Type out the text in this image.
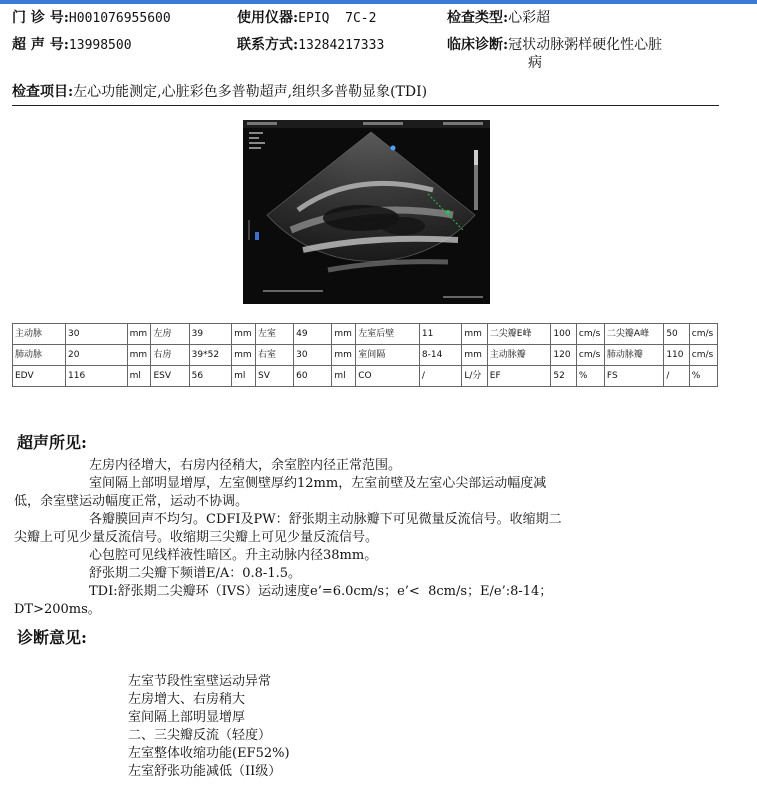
门 诊 号:H001076955600	使用仪器:EPIQ  7C-2	检查类型:心彩超
超 声 号:13998500	联系方式:13284217333	临床诊断:冠状动脉粥样硬化性心脏
病
检查项目:左心功能测定,心脏彩色多普勒超声,组织多普勒显象(TDI)
主动脉	30	mm	左房	39	mm	左室	49	mm	左室后壁	11	mm	二尖瓣E峰	100	cm/s	二尖瓣A峰	50	cm/s
肺动脉	20	mm	右房	39*52	mm	右室	30	mm	室间隔	8-14	mm	主动脉瓣	120	cm/s	肺动脉瓣	110	cm/s
EDV	116	ml	ESV	56	ml	SV	60	ml	CO	/	L/分	EF	52	%	FS	/	%
超声所见:
左房内径增大，右房内径稍大，余室腔内径正常范围。
室间隔上部明显增厚，左室侧壁厚约12mm，左室前壁及左室心尖部运动幅度减
低，余室壁运动幅度正常，运动不协调。
各瓣膜回声不均匀。CDFI及PW：舒张期主动脉瓣下可见微量反流信号。收缩期二
尖瓣上可见少量反流信号。收缩期三尖瓣上可见少量反流信号。
心包腔可见线样液性暗区。升主动脉内径38mm。
舒张期二尖瓣下频谱E/A：0.8-1.5。
TDI:舒张期二尖瓣环（IVS）运动速度e’=6.0cm/s；e’<  8cm/s；E/e’:8-14；
DT>200ms。
诊断意见:
左室节段性室壁运动异常
左房增大、右房稍大
室间隔上部明显增厚
二、三尖瓣反流（轻度）
左室整体收缩功能(EF52%)
左室舒张功能减低（II级）
